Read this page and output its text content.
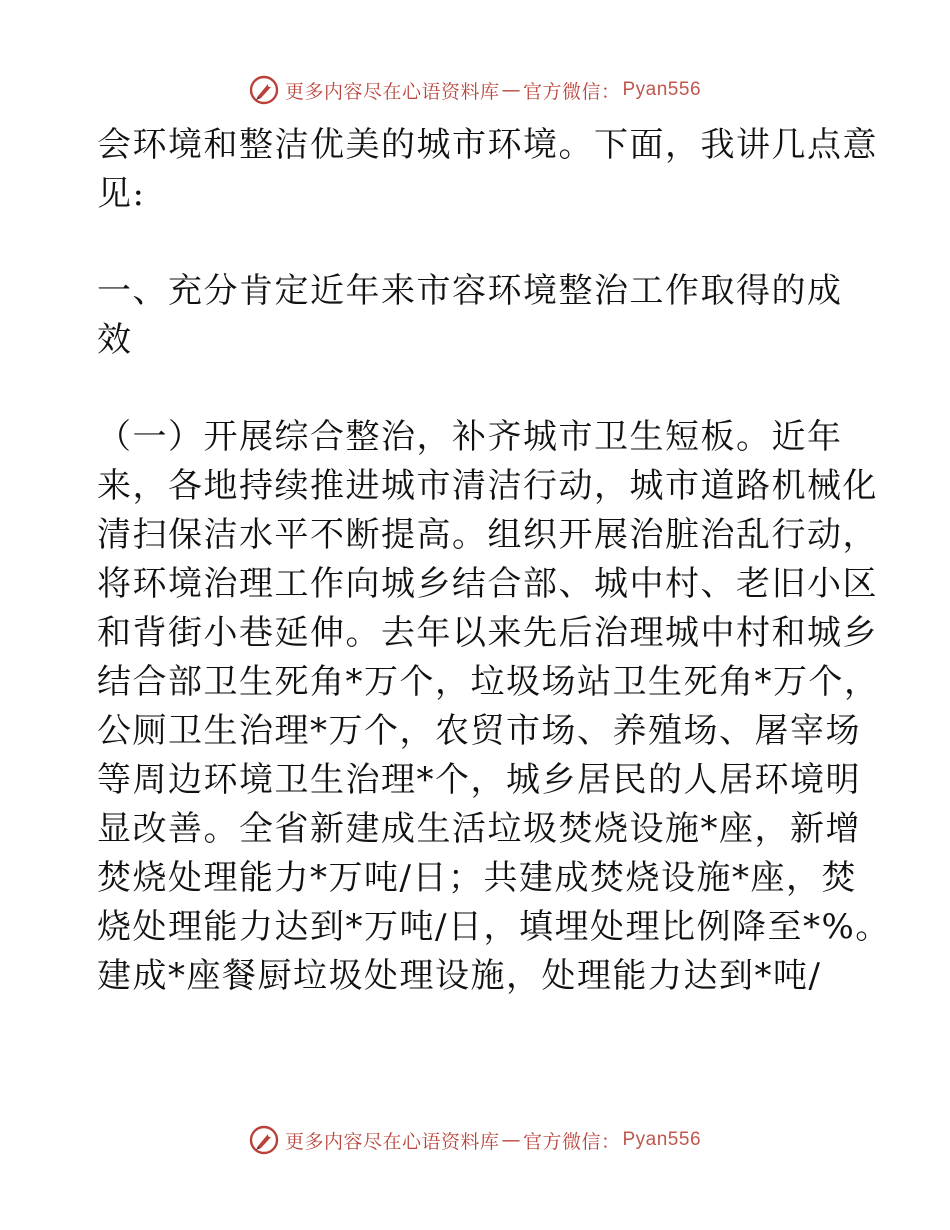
更多内容尽在心语资料库 — 官方微信： Pyan556
会环境和整洁优美的城市环境。下面，我讲几点意
见:
一、充分肯定近年来市容环境整治工作取得的成
效
（一）开展综合整治，补齐城市卫生短板。近年
来，各地持续推进城市清洁行动，城市道路机械化
清扫保洁水平不断提高。组织开展治脏治乱行动，
将环境治理工作向城乡结合部、城中村、老旧小区
和背街小巷延伸。去年以来先后治理城中村和城乡
结合部卫生死角*万个，垃圾场站卫生死角*万个，
公厕卫生治理*万个，农贸市场、养殖场、屠宰场
等周边环境卫生治理*个，城乡居民的人居环境明
显改善。全省新建成生活垃圾焚烧设施*座，新增
焚烧处理能力*万吨/日；共建成焚烧设施*座，焚
烧处理能力达到*万吨/日，填埋处理比例降至*%。
建成*座餐厨垃圾处理设施，处理能力达到*吨/
更多内容尽在心语资料库 — 官方微信： Pyan556
